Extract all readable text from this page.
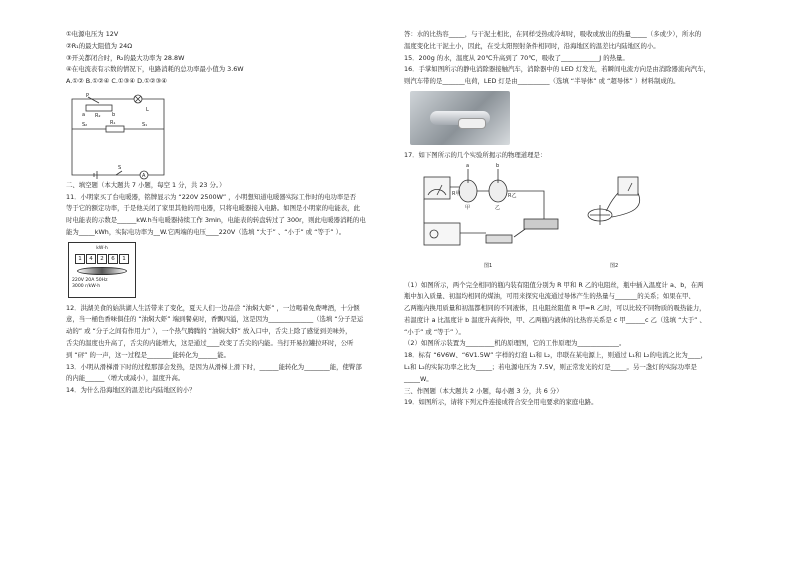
①电源电压为 12V

②R₁的最大阻值为 24Ω

③开关都闭合时，R₂的最大功率为 28.8W

④在电流表有示数的情况下，电路消耗的总功率最小值为 3.6W

A.①② B.①②④ C.①③④ D.①②③④

P
a R₂ b
L
S₂	R₁	S₁
S
A

二、填空题（本大题共 7 小题，每空 1 分，共 23 分。）

11．小明家买了台电暖器，铭牌显示为 “220V 2500W” ，小明想知道电暖器实际工作时的电功率是否

等于它的额定功率，于是他关闭了家里其他的用电器，只将电暖器接入电路。如图是小明家的电能表，此

时电能表的示数是______kW.h当电暖器持续工作 3min，电能表的转盘转过了 300r，则此电暖器消耗的电

能为_____kWh，实际电功率为__W.它两端的电压____220V（选填 “大于” 、“小于” 或 “等于” ）。

kW·h
1	4	2	6	1
220V 20A 50Hz
3000 r/kW·h

12．洪湖美食的始洪湖人生活带来了变化，夏天人们一边品尝 “油焖大虾” ，一边喝着免费啤酒，十分惬

意，当一桶色香味俱佳的 “油焖大虾” 端到餐桌时，香飘四溢，这是因为______________（选填 “分子是运

动的” 或 “分子之间有作用力” ），一个热气腾腾的 “油焖大虾” 放入口中，舌尖上除了感觉到美味外，

舌尖的温度也升高了，舌尖的内能增大，这是通过____改变了舌尖的内能。当打开易拉罐拉环时，公听

到 “砰” 的一声，这一过程是________能转化为______能。

13．小明从滑梯滑下时的过程那部会发热，是因为从滑梯上滑下时，______能转化为________能，使臀部

的内能______（增大或减小），温度升高。

14．为什么沿海地区的温差比内陆地区的小？

答：水的比热容_____，与干泥土相比，在同样受热或冷却时，吸收或放出的热量_____（多或少），所水的

温度变化比干泥土小，因此，在受太阳照射条件相同时，沿海地区的温差比内陆地区的小。

15．200g 的水，温度从 20℃升高到了 70℃，吸收了____________J 的热量。

16．手掌如图所示的静电消除器接触汽车，消除器中的 LED 灯发光，若瞬间电流方向是由消除器流向汽车，

则汽车带的是_______电荷，LED 灯是由__________（选填 “半导体” 或 “超导体” ）材料制成的。

17．如下图所示的几个实验所揭示的物理道理是：

a	b
R甲	R乙
甲	乙
图1	图2

（1）如图所示，两个完全相同的瓶内装有阻值分别为 R 甲和 R 乙的电阻丝，瓶中插入温度计 a、b，在两

瓶中加入质量、初温均相同的煤油，可用来探究电流通过导体产生的热量与_______的关系；如果在甲、

乙两瓶内换用质量和初温都相同的不同液体，且电阻丝阻值 R 甲=R 乙时，可以比较不同物质的吸热能力，

若温度计 a 比温度计 b 温度升高得快，甲、乙两瓶内液体的比热容关系是 c 甲______c 乙（选填 “大于” 、

“小于” 或 “等于” ）。

（2）如图所示装置为_________机的原理图，它的工作原理为_____________。

18．标有 “6V6W、“6V1.5W” 字样的灯泡 L₁和 L₂，串联在某电源上，则通过 L₁和 L₂的电流之比为____，

L₁和 L₂的实际功率之比为_____；若电源电压为 7.5V，则正常发光的灯是_____。另一盏灯的实际功率是

_____W。

三、作图题（本大题共 2 小题，每小题 3 分，共 6 分）

19．如图所示，请将下列元件连接成符合安全用电要求的家庭电路。
